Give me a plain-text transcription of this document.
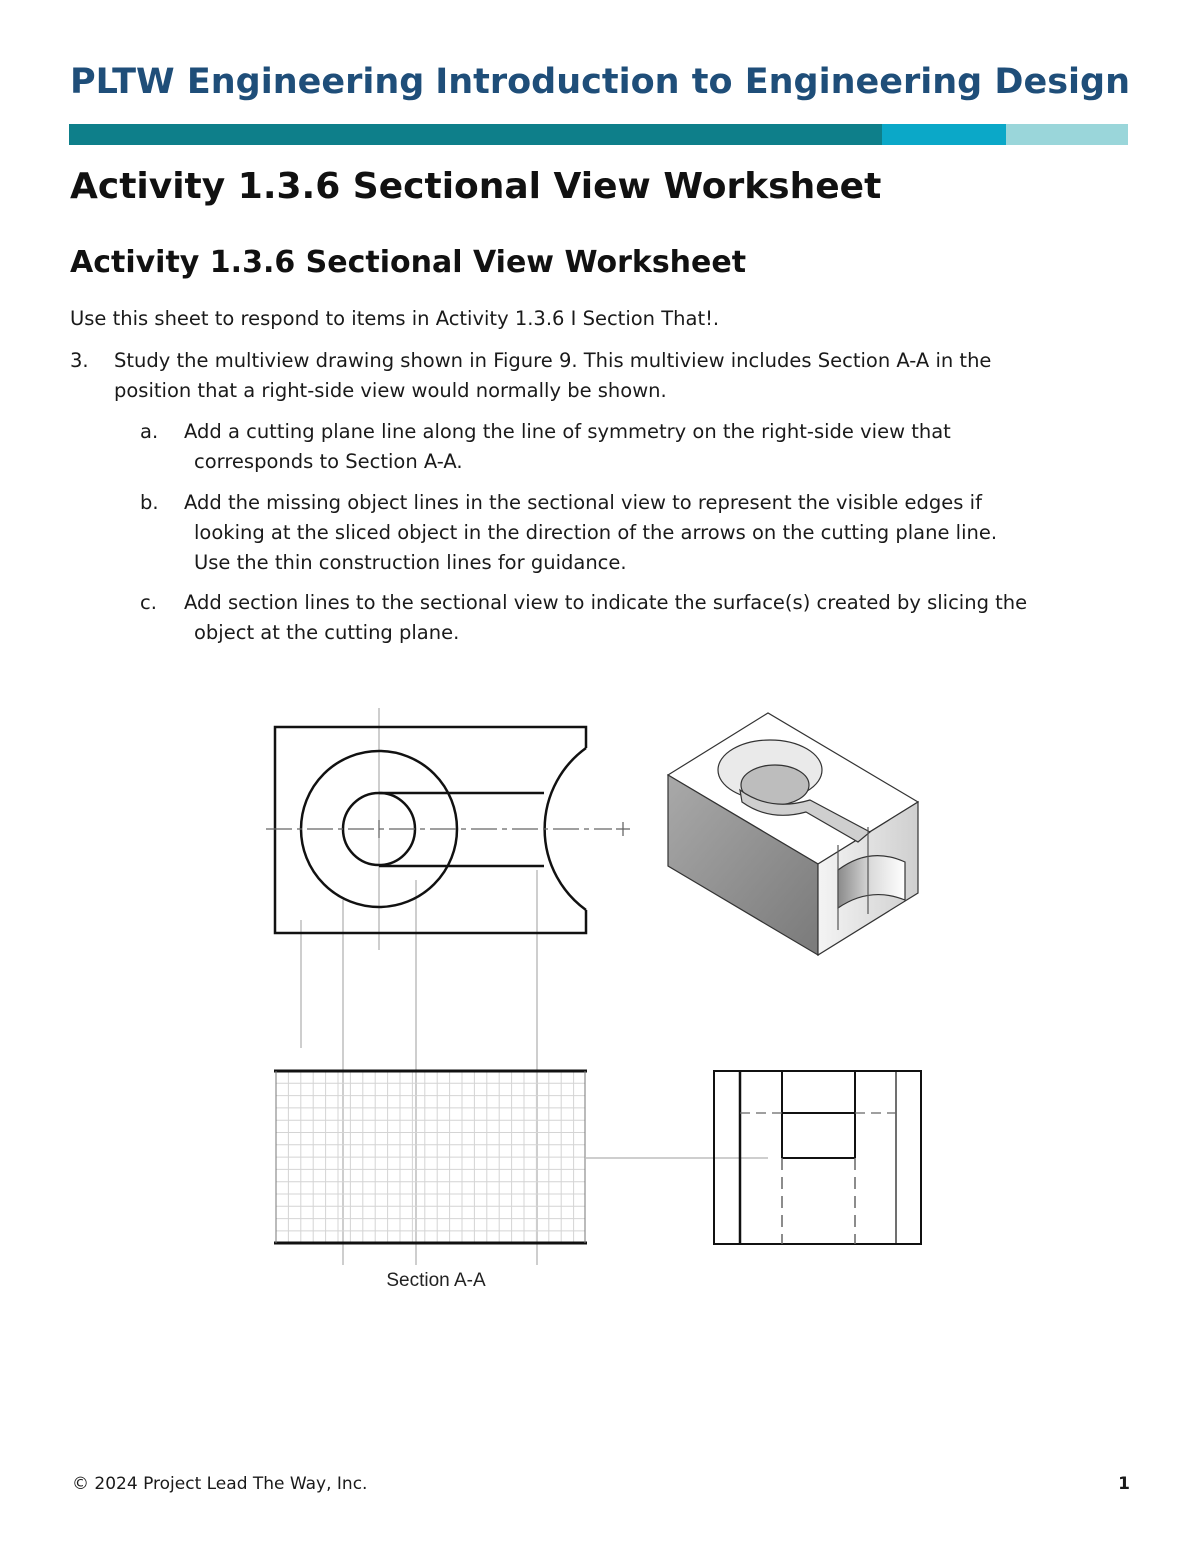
PLTW Engineering Introduction to Engineering Design
Activity 1.3.6 Sectional View Worksheet
Activity 1.3.6 Sectional View Worksheet
Use this sheet to respond to items in Activity 1.3.6 I Section That!.
3. Study the multiview drawing shown in Figure 9. This multiview includes Section A-A in the
position that a right-side view would normally be shown.
a. Add a cutting plane line along the line of symmetry on the right-side view that
corresponds to Section A-A.
b. Add the missing object lines in the sectional view to represent the visible edges if
looking at the sliced object in the direction of the arrows on the cutting plane line.
Use the thin construction lines for guidance.
c. Add section lines to the sectional view to indicate the surface(s) created by slicing the
object at the cutting plane.
Section A-A
© 2024 Project Lead The Way, Inc.	1
